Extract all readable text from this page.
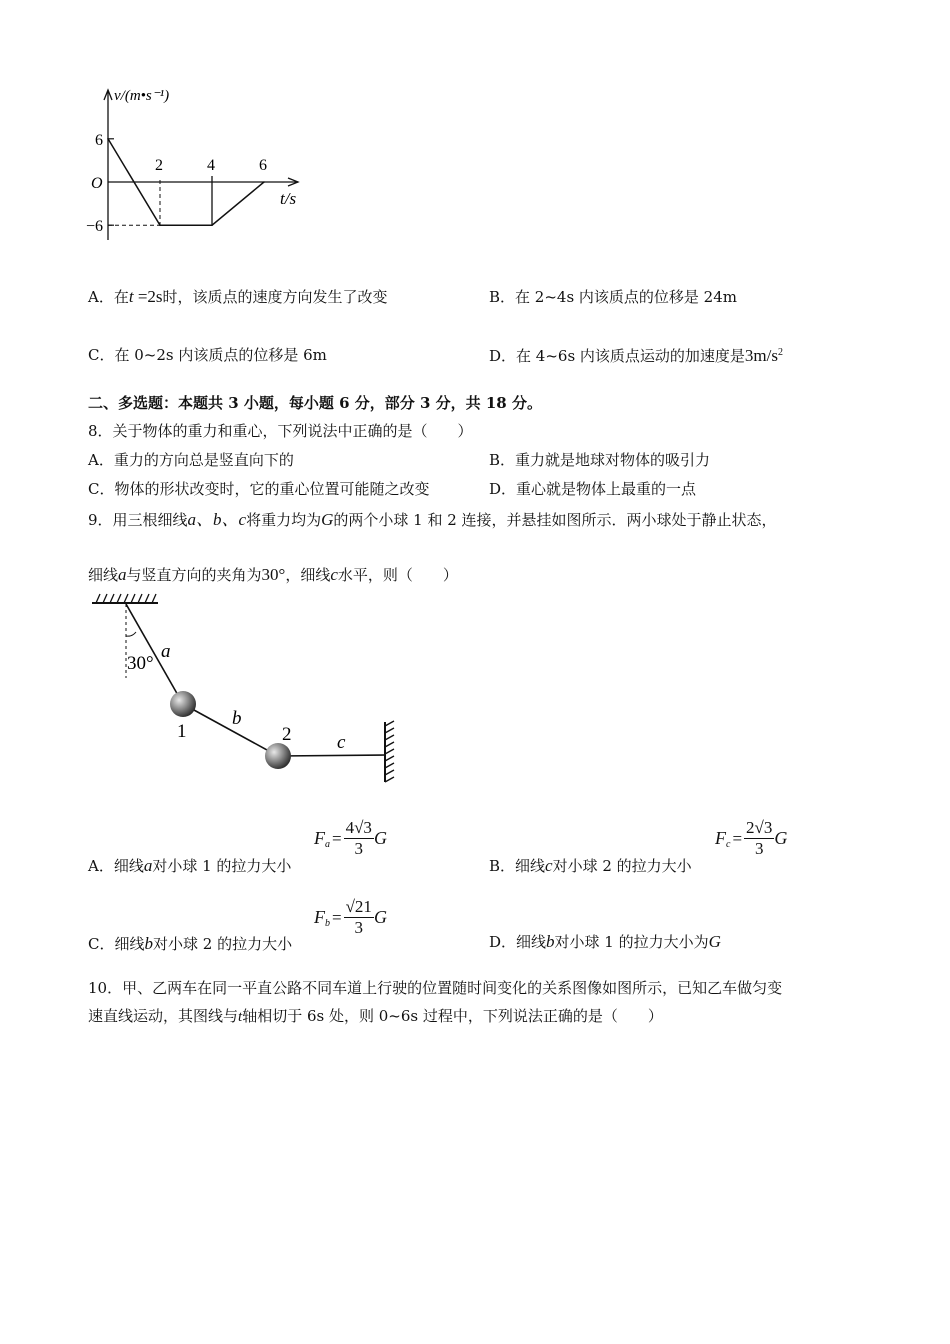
v/(m•s⁻¹)
t/s
O
6
−6
2	4	6
A．在t =2s时，该质点的速度方向发生了改变	B．在 2~4s 内该质点的位移是 24m
C．在 0~2s 内该质点的位移是 6m	D．在 4~6s 内该质点运动的加速度是$3m/s^2$
二、多选题：本题共 3 小题，每小题 6 分，部分 3 分，共 18 分。
8．关于物体的重力和重心，下列说法中正确的是（　　）
A．重力的方向总是竖直向下的	B．重力就是地球对物体的吸引力
C．物体的形状改变时，它的重心位置可能随之改变	D．重心就是物体上最重的一点
9．用三根细线a、b、c将重力均为G的两个小球 1 和 2 连接，并悬挂如图所示．两小球处于静止状态，
细线a与竖直方向的夹角为30°，细线c水平，则（　　）
30°
a
b
c
1	2
A．细线a对小球 1 的拉力大小
$F_a = \frac{4√3}{3}$ G
B．细线c对小球 2 的拉力大小
$F_c = \frac{2√3}{3}$ G
C．细线b对小球 2 的拉力大小
$F_b = \frac{√21}{3}$ G
D．细线b对小球 1 的拉力大小为G
10．甲、乙两车在同一平直公路不同车道上行驶的位置随时间变化的关系图像如图所示，已知乙车做匀变
速直线运动，其图线与t轴相切于 6s 处，则 0~6s 过程中，下列说法正确的是（　　）
